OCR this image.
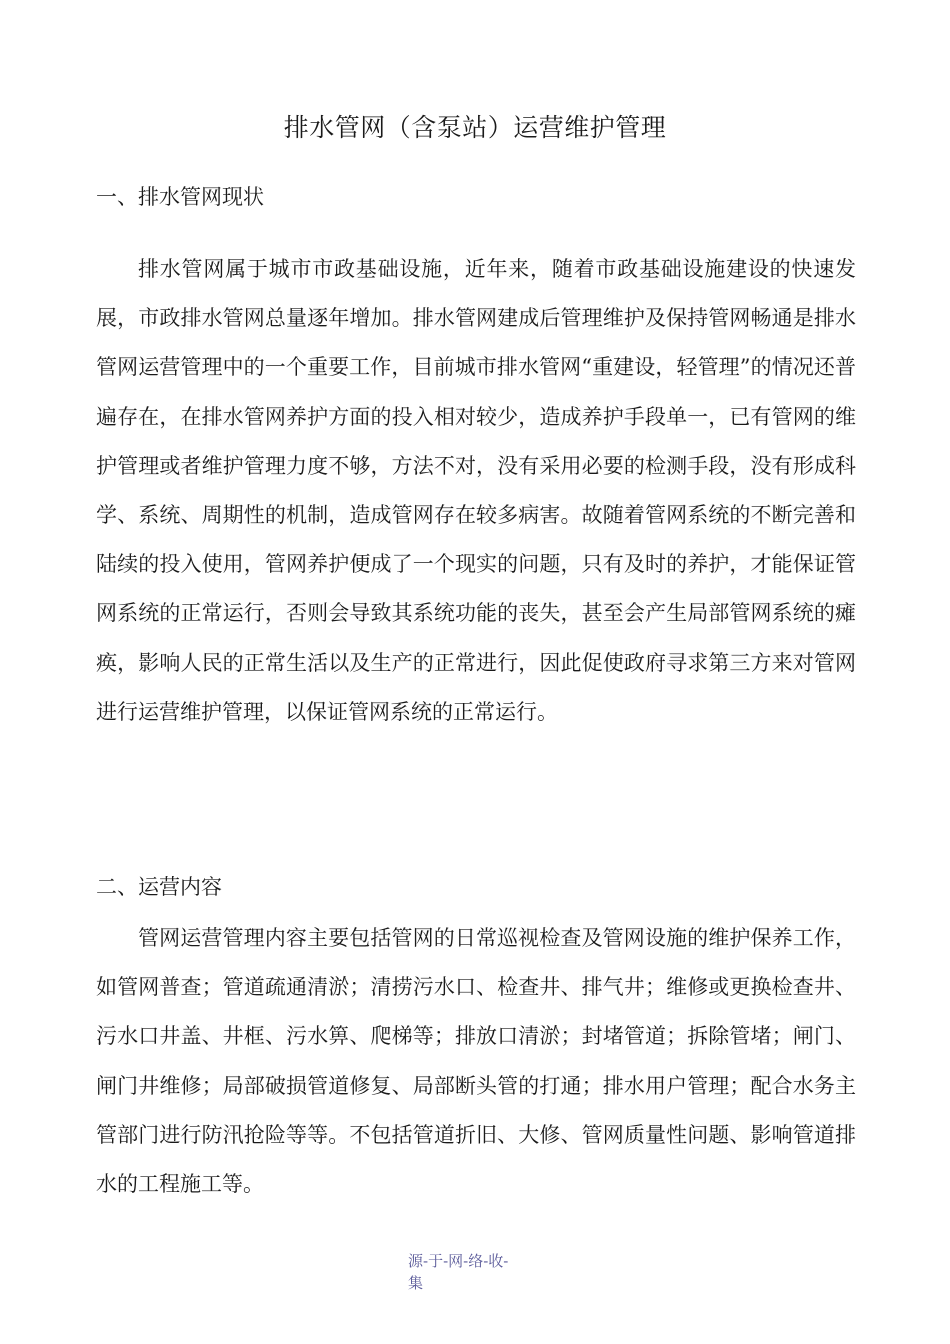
排水管网（含泵站）运营维护管理
一、排水管网现状

排水管网属于城市市政基础设施，近年来，随着市政基础设施建设的快速发展，市政排水管网总量逐年增加。排水管网建成后管理维护及保持管网畅通是排水管网运营管理中的一个重要工作，目前城市排水管网“重建设，轻管理”的情况还普遍存在，在排水管网养护方面的投入相对较少，造成养护手段单一，已有管网的维护管理或者维护管理力度不够，方法不对，没有采用必要的检测手段，没有形成科学、系统、周期性的机制，造成管网存在较多病害。故随着管网系统的不断完善和陆续的投入使用，管网养护便成了一个现实的问题，只有及时的养护，才能保证管网系统的正常运行，否则会导致其系统功能的丧失，甚至会产生局部管网系统的瘫痪，影响人民的正常生活以及生产的正常进行，因此促使政府寻求第三方来对管网进行运营维护管理，以保证管网系统的正常运行。

二、运营内容

管网运营管理内容主要包括管网的日常巡视检查及管网设施的维护保养工作，如管网普查；管道疏通清淤；清捞污水口、检查井、排气井；维修或更换检查井、污水口井盖、井框、污水箅、爬梯等；排放口清淤；封堵管道；拆除管堵；闸门、闸门井维修；局部破损管道修复、局部断头管的打通；排水用户管理；配合水务主管部门进行防汛抢险等等。不包括管道折旧、大修、管网质量性问题、影响管道排水的工程施工等。

源-于-网-络-收-
集
